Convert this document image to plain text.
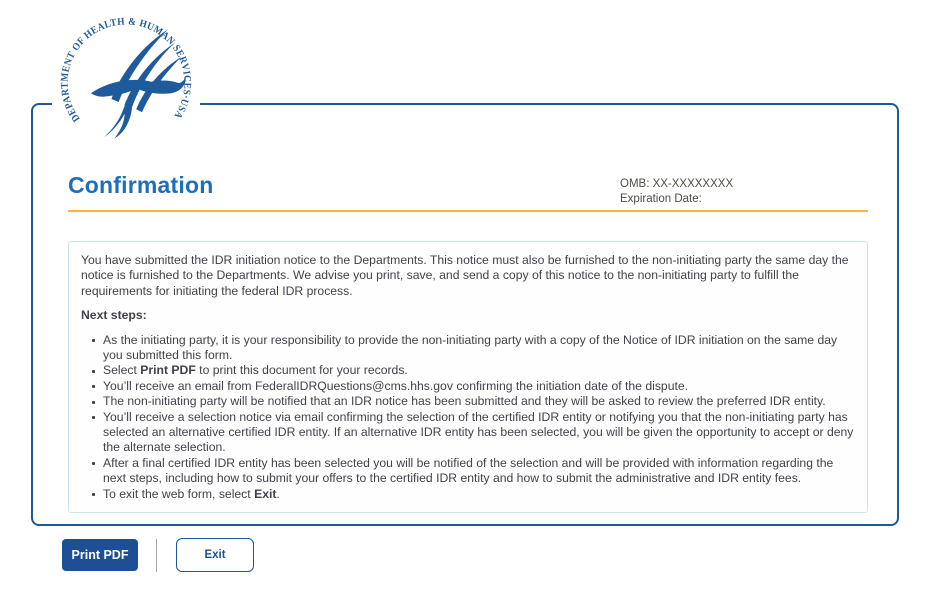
DEPARTMENT OF HEALTH & HUMAN SERVICES·USA
Confirmation	OMB: XX-XXXXXXXX
Expiration Date:

You have submitted the IDR initiation notice to the Departments. This notice must also be furnished to the non-initiating party the same day the notice is furnished to the Departments. We advise you print, save, and send a copy of this notice to the non-initiating party to fulfill the requirements for initiating the federal IDR process.

Next steps:

As the initiating party, it is your responsibility to provide the non-initiating party with a copy of the Notice of IDR initiation on the same day you submitted this form.
Select Print PDF to print this document for your records.
You’ll receive an email from FederalIDRQuestions@cms.hhs.gov confirming the initiation date of the dispute.
The non-initiating party will be notified that an IDR notice has been submitted and they will be asked to review the preferred IDR entity.
You’ll receive a selection notice via email confirming the selection of the certified IDR entity or notifying you that the non-initiating party has selected an alternative certified IDR entity. If an alternative IDR entity has been selected, you will be given the opportunity to accept or deny the alternate selection.
After a final certified IDR entity has been selected you will be notified of the selection and will be provided with information regarding the next steps, including how to submit your offers to the certified IDR entity and how to submit the administrative and IDR entity fees.
To exit the web form, select Exit.
Print PDF	Exit
